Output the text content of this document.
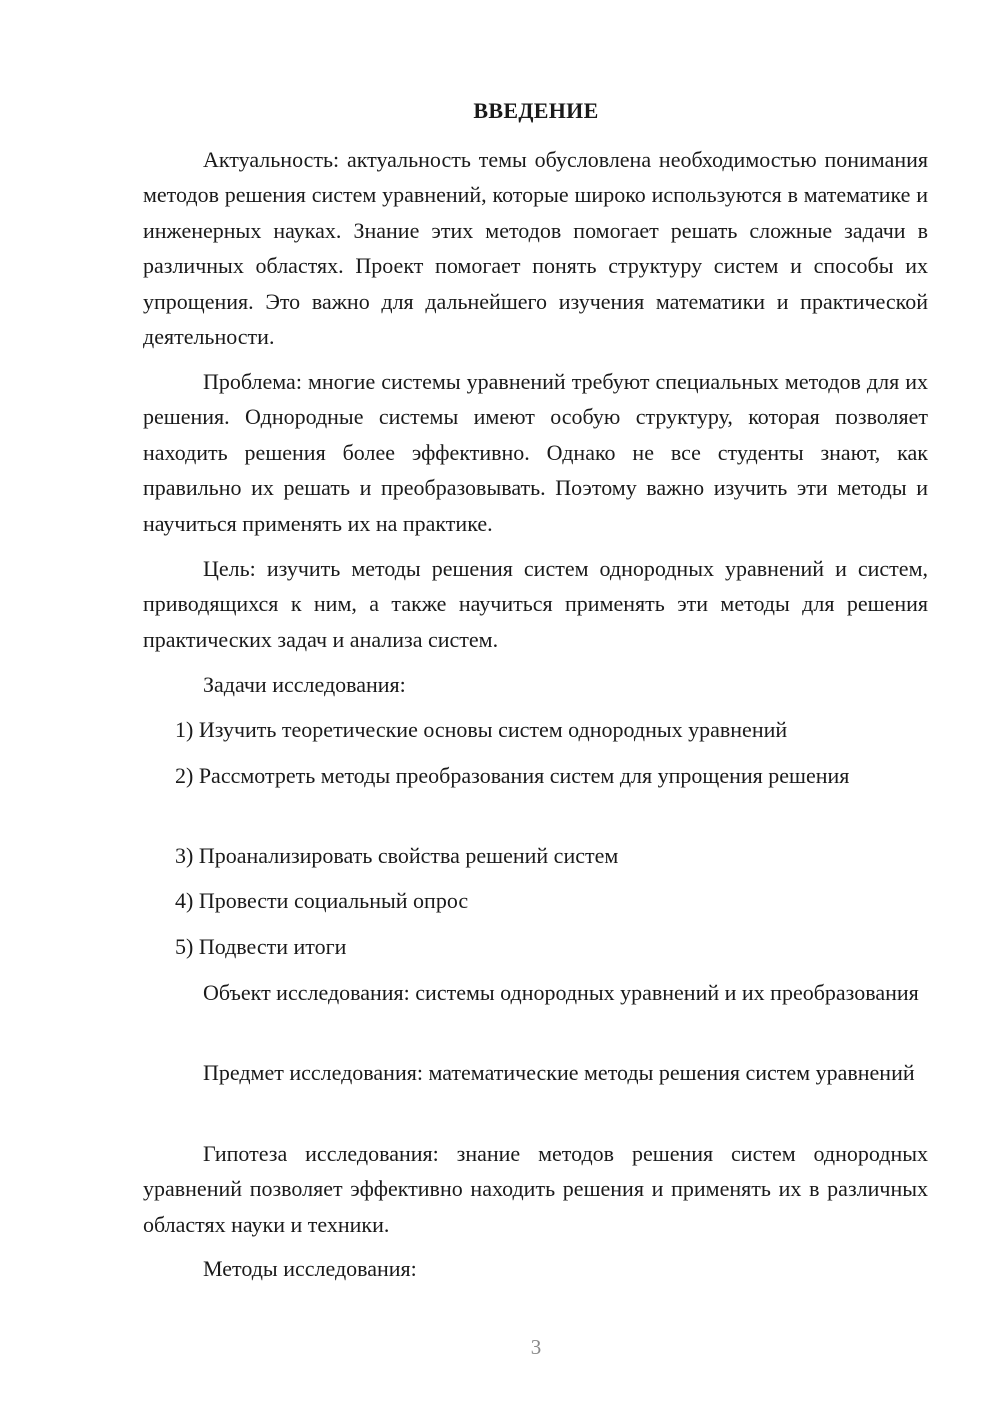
ВВЕДЕНИЕ

Актуальность: актуальность темы обусловлена необходимостью понимания методов решения систем уравнений, которые широко используются в математике и инженерных науках. Знание этих методов помогает решать сложные задачи в различных областях. Проект помогает понять структуру систем и способы их упрощения. Это важно для дальнейшего изучения математики и практической деятельности.

Проблема: многие системы уравнений требуют специальных методов для их решения. Однородные системы имеют особую структуру, которая позволяет находить решения более эффективно. Однако не все студенты знают, как правильно их решать и преобразовывать. Поэтому важно изучить эти методы и научиться применять их на практике.

Цель: изучить методы решения систем однородных уравнений и систем, приводящихся к ним, а также научиться применять эти методы для решения практических задач и анализа систем.

Задачи исследования:

1) Изучить теоретические основы систем однородных уравнений

2) Рассмотреть методы преобразования систем для упрощения решения

3) Проанализировать свойства решений систем

4) Провести социальный опрос

5) Подвести итоги

Объект исследования: системы однородных уравнений и их преобразования

Предмет исследования: математические методы решения систем уравнений

Гипотеза исследования: знание методов решения систем однородных уравнений позволяет эффективно находить решения и применять их в различных областях науки и техники.

Методы исследования:

3
